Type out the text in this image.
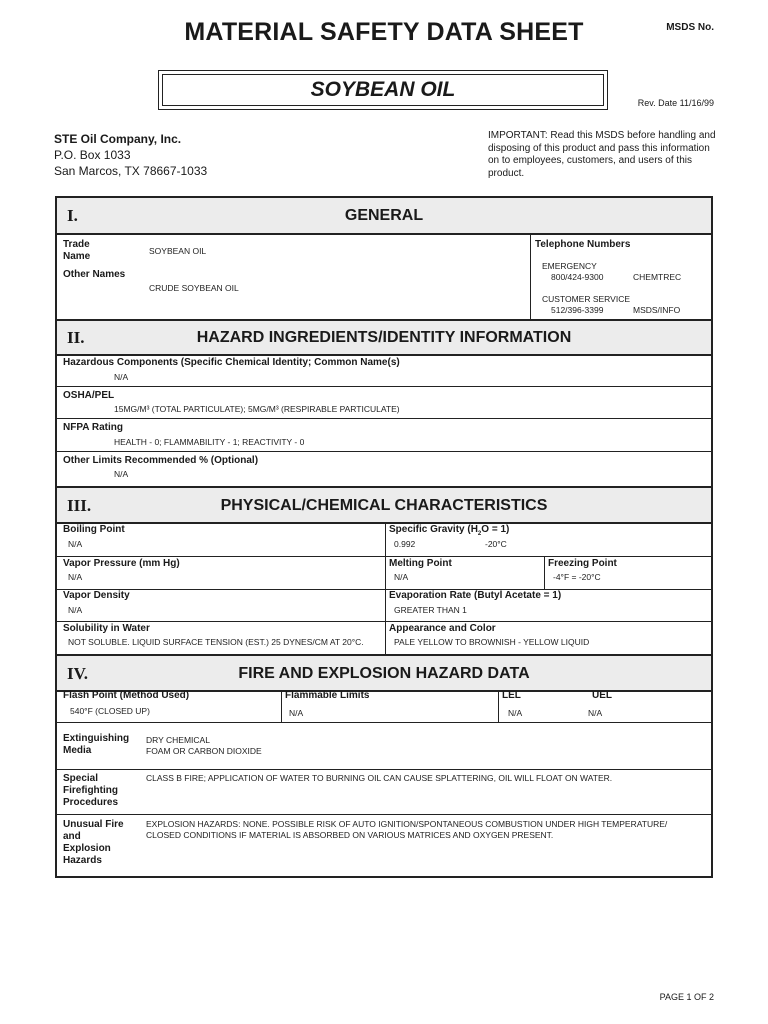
MATERIAL SAFETY DATA SHEET	MSDS No.
SOYBEAN OIL
Rev. Date 11/16/99
STE Oil Company, Inc.
P.O. Box 1033
San Marcos, TX 78667-1033
IMPORTANT: Read this MSDS before handling and disposing of this product and pass this information on to employees, customers, and users of this product.
I.	GENERAL
Trade
Name	SOYBEAN OIL
Other Names
CRUDE SOYBEAN OIL
Telephone Numbers
EMERGENCY
800/424-9300	CHEMTREC
CUSTOMER SERVICE
512/396-3399	MSDS/INFO
II.	HAZARD INGREDIENTS/IDENTITY INFORMATION
Hazardous Components (Specific Chemical Identity; Common Name(s)
N/A
OSHA/PEL
15MG/M³ (TOTAL PARTICULATE); 5MG/M³ (RESPIRABLE PARTICULATE)
NFPA Rating
HEALTH - 0; FLAMMABILITY - 1; REACTIVITY - 0
Other Limits Recommended % (Optional)
N/A
III.	PHYSICAL/CHEMICAL CHARACTERISTICS
Boiling Point
N/A
Specific Gravity $(H_2O = 1)$
0.992	-20°C
Vapor Pressure (mm Hg)
N/A
Melting Point
N/A
Freezing Point
-4°F = -20°C
Vapor Density
N/A
Evaporation Rate (Butyl Acetate = 1)
GREATER THAN 1
Solubility in Water
NOT SOLUBLE. LIQUID SURFACE TENSION (EST.) 25 DYNES/CM AT 20°C.
Appearance and Color
PALE YELLOW TO BROWNISH - YELLOW LIQUID
IV.	FIRE AND EXPLOSION HAZARD DATA
Flash Point (Method Used)
540°F (CLOSED UP)
Flammable Limits
N/A
LEL
N/A
UEL
N/A
Extinguishing
Media
DRY CHEMICAL
FOAM OR CARBON DIOXIDE
Special
Firefighting
Procedures
CLASS B FIRE; APPLICATION OF WATER TO BURNING OIL CAN CAUSE SPLATTERING, OIL WILL FLOAT ON WATER.
Unusual Fire
and
Explosion
Hazards
EXPLOSION HAZARDS: NONE. POSSIBLE RISK OF AUTO IGNITION/SPONTANEOUS COMBUSTION UNDER HIGH TEMPERATURE/
CLOSED CONDITIONS IF MATERIAL IS ABSORBED ON VARIOUS MATRICES AND OXYGEN PRESENT.
PAGE 1 OF 2
